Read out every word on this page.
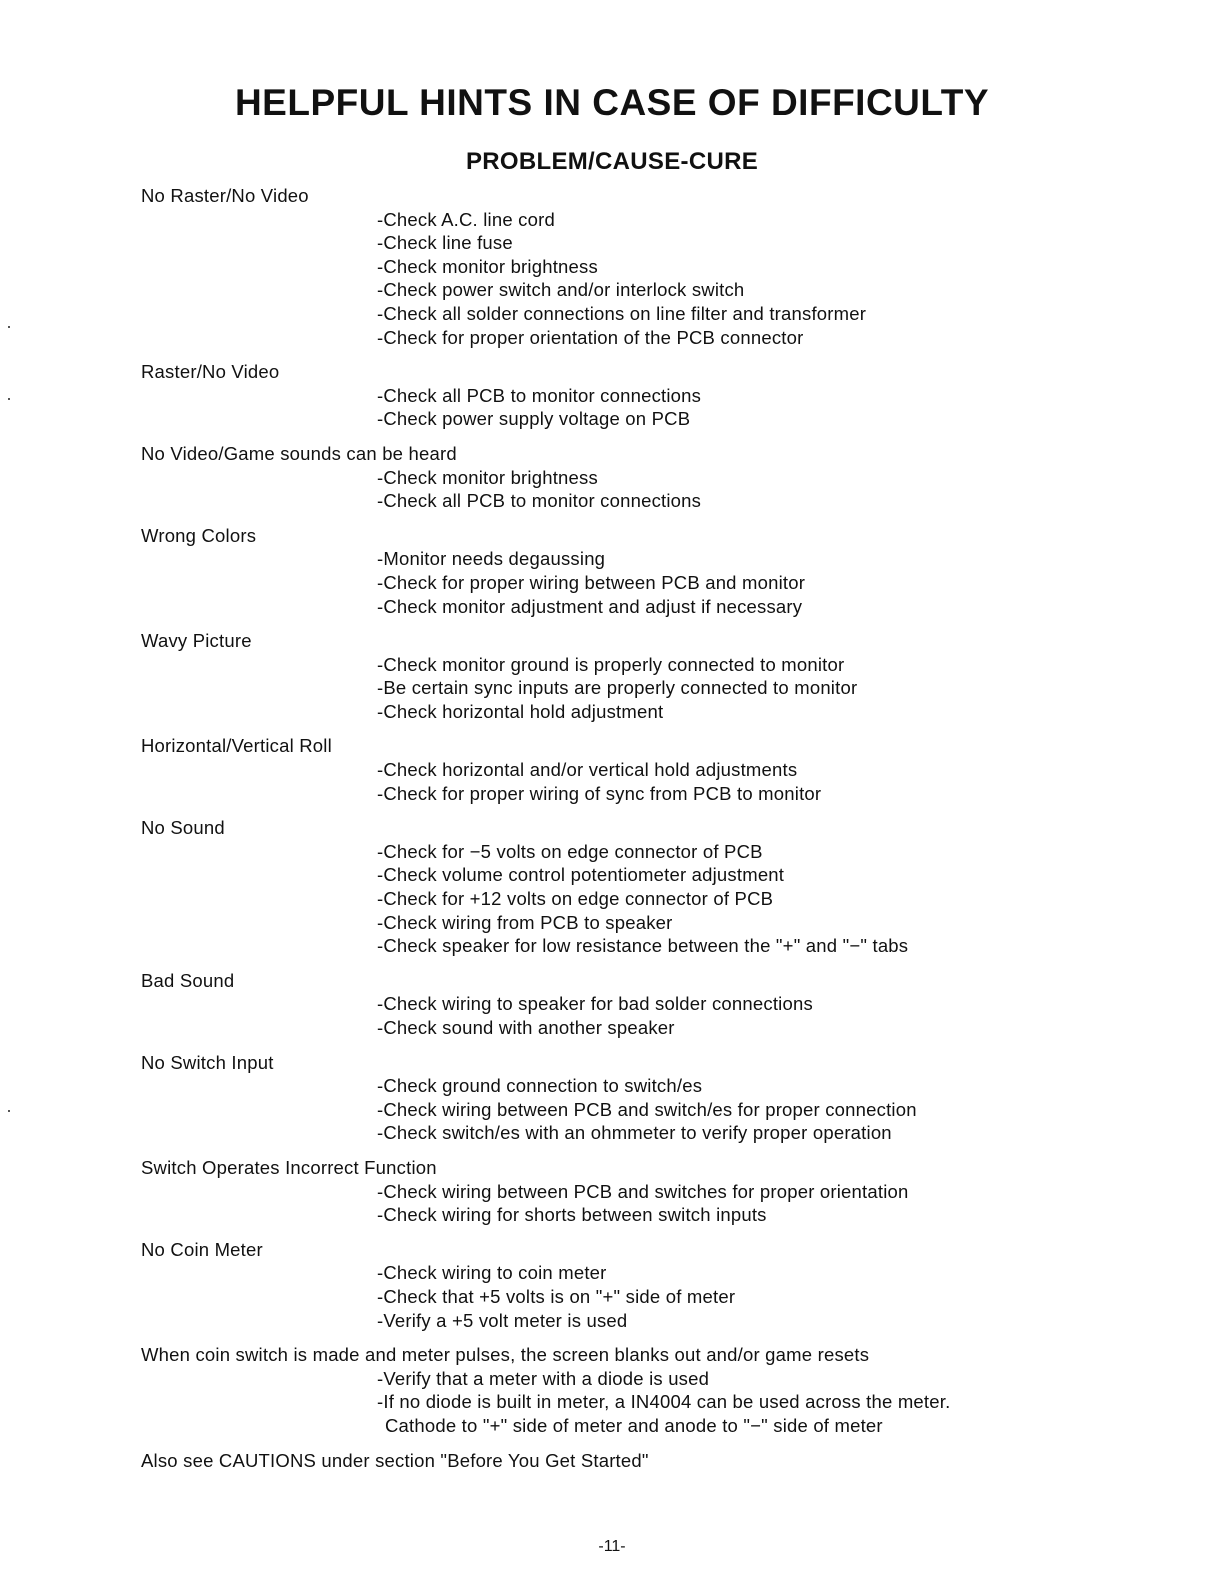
HELPFUL HINTS IN CASE OF DIFFICULTY
PROBLEM/CAUSE-CURE
No Raster/No Video
-Check A.C. line cord
-Check line fuse
-Check monitor brightness
-Check power switch and/or interlock switch
-Check all solder connections on line filter and transformer
-Check for proper orientation of the PCB connector
Raster/No Video
-Check all PCB to monitor connections
-Check power supply voltage on PCB
No Video/Game sounds can be heard
-Check monitor brightness
-Check all PCB to monitor connections
Wrong Colors
-Monitor needs degaussing
-Check for proper wiring between PCB and monitor
-Check monitor adjustment and adjust if necessary
Wavy Picture
-Check monitor ground is properly connected to monitor
-Be certain sync inputs are properly connected to monitor
-Check horizontal hold adjustment
Horizontal/Vertical Roll
-Check horizontal and/or vertical hold adjustments
-Check for proper wiring of sync from PCB to monitor
No Sound
-Check for −5 volts on edge connector of PCB
-Check volume control potentiometer adjustment
-Check for +12 volts on edge connector of PCB
-Check wiring from PCB to speaker
-Check speaker for low resistance between the "+" and "−" tabs
Bad Sound
-Check wiring to speaker for bad solder connections
-Check sound with another speaker
No Switch Input
-Check ground connection to switch/es
-Check wiring between PCB and switch/es for proper connection
-Check switch/es with an ohmmeter to verify proper operation
Switch Operates Incorrect Function
-Check wiring between PCB and switches for proper orientation
-Check wiring for shorts between switch inputs
No Coin Meter
-Check wiring to coin meter
-Check that +5 volts is on "+" side of meter
-Verify a +5 volt meter is used
When coin switch is made and meter pulses, the screen blanks out and/or game resets
-Verify that a meter with a diode is used
-If no diode is built in meter, a IN4004 can be used across the meter.
Cathode to "+" side of meter and anode to "−" side of meter
Also see CAUTIONS under section "Before You Get Started"
-11-
